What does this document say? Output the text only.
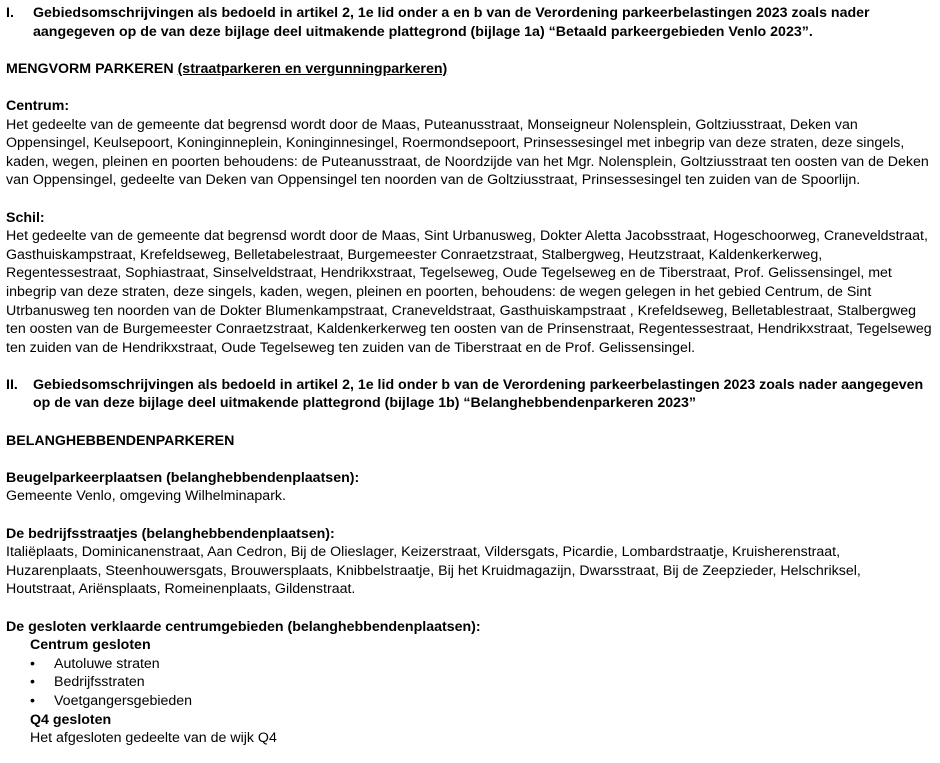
I.	Gebiedsomschrijvingen als bedoeld in artikel 2, 1e lid onder a en b van de Verordening parkeerbelastingen 2023 zoals nader aangegeven op de van deze bijlage deel uitmakende plattegrond (bijlage 1a) “Betaald parkeergebieden Venlo 2023”.

MENGVORM PARKEREN (straatparkeren en vergunningparkeren)

Centrum:

Het gedeelte van de gemeente dat begrensd wordt door de Maas, Puteanusstraat, Monseigneur Nolensplein, Goltziusstraat, Deken van Oppensingel, Keulsepoort, Koninginneplein, Koninginnesingel, Roermondsepoort, Prinsessesingel met inbegrip van deze straten, deze singels, kaden, wegen, pleinen en poorten behoudens: de Puteanusstraat, de Noordzijde van het Mgr. Nolensplein, Goltziusstraat ten oosten van de Deken van Oppensingel, gedeelte van Deken van Oppensingel ten noorden van de Goltziusstraat, Prinsessesingel ten zuiden van de Spoorlijn.

Schil:

Het gedeelte van de gemeente dat begrensd wordt door de Maas, Sint Urbanusweg, Dokter Aletta Jacobsstraat, Hogeschoorweg, Craneveldstraat, Gasthuiskampstraat, Krefeldseweg, Belletabelestraat, Burgemeester Conraetzstraat, Stalbergweg, Heutzstraat, Kaldenkerkerweg, Regentessestraat, Sophiastraat, Sinselveldstraat, Hendrikxstraat, Tegelseweg, Oude Tegelseweg en de Tiberstraat, Prof. Gelissensingel, met inbegrip van deze straten, deze singels, kaden, wegen, pleinen en poorten, behoudens: de wegen gelegen in het gebied Centrum, de Sint Utrbanusweg ten noorden van de Dokter Blumenkampstraat, Craneveldstraat, Gasthuiskampstraat , Krefeldseweg, Belletablestraat, Stalbergweg ten oosten van de Burgemeester Conraetzstraat, Kaldenkerkerweg ten oosten van de Prinsenstraat, Regentessestraat, Hendrikxstraat, Tegelseweg ten zuiden van de Hendrikxstraat, Oude Tegelseweg ten zuiden van de Tiberstraat en de Prof. Gelissensingel.

II.	Gebiedsomschrijvingen als bedoeld in artikel 2, 1e lid onder b van de Verordening parkeerbelastingen 2023 zoals nader aangegeven op de van deze bijlage deel uitmakende plattegrond (bijlage 1b) “Belanghebbendenparkeren 2023”

BELANGHEBBENDENPARKEREN

Beugelparkeerplaatsen (belanghebbendenplaatsen):

Gemeente Venlo, omgeving Wilhelminapark.

De bedrijfsstraatjes (belanghebbendenplaatsen):

Italiëplaats, Dominicanenstraat, Aan Cedron, Bij de Olieslager, Keizerstraat, Vildersgats, Picardie, Lombardstraatje, Kruisherenstraat, Huzarenplaats, Steenhouwersgats, Brouwersplaats, Knibbelstraatje, Bij het Kruidmagazijn, Dwarsstraat, Bij de Zeepzieder, Helschriksel, Houtstraat, Ariënsplaats, Romeinenplaats, Gildenstraat.

De gesloten verklaarde centrumgebieden (belanghebbendenplaatsen):

Centrum gesloten

•	Autoluwe straten
•	Bedrijfsstraten
•	Voetgangersgebieden

Q4 gesloten

Het afgesloten gedeelte van de wijk Q4
